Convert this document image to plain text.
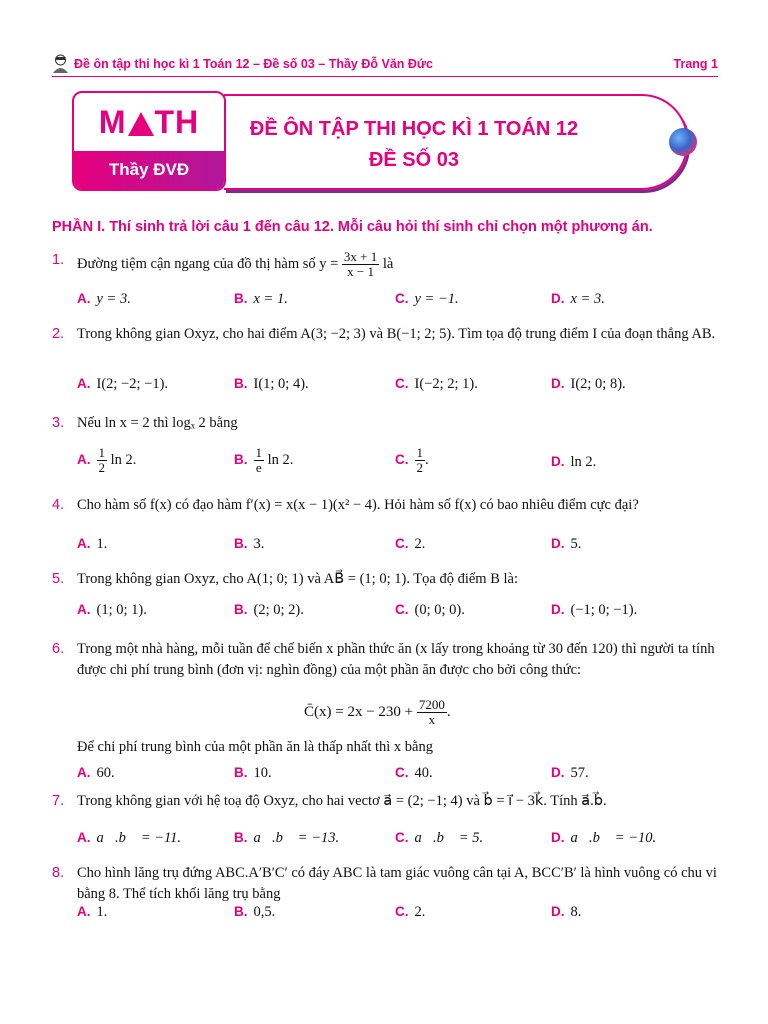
Đề ôn tập thi học kì 1 Toán 12 – Đề số 03 – Thầy Đỗ Văn Đức	Trang 1
M TH
Thầy ĐVĐ
ĐỀ ÔN TẬP THI HỌC KÌ 1 TOÁN 12
ĐỀ SỐ 03
PHẦN I. Thí sinh trả lời câu 1 đến câu 12. Mỗi câu hỏi thí sinh chỉ chọn một phương án.
1. Đường tiệm cận ngang của đồ thị hàm số $y = \frac{3x + 1}{x - 1}$ là
A. y = 3.	B. x = 1.	C. y = −1.	D. x = 3.
2. Trong không gian Oxyz, cho hai điểm A(3; −2; 3) và B(−1; 2; 5). Tìm tọa độ trung điểm I của đoạn thẳng AB.
A. I(2; −2; −1).	B. I(1; 0; 4).	C. I(−2; 2; 1).	D. I(2; 0; 8).
3. Nếu ln x = 2 thì logₓ 2 bằng
A. $\frac{1}{2}$ ln 2.	B. $\frac{1}{e}$ ln 2.	C. $\frac{1}{2}$ .	D. ln 2.
4. Cho hàm số f(x) có đạo hàm f′(x) = x(x − 1)(x² − 4). Hỏi hàm số f(x) có bao nhiêu điểm cực đại?
A. 1.	B. 3.	C. 2.	D. 5.
5. Trong không gian Oxyz, cho A(1; 0; 1) và AB⃗ = (1; 0; 1). Tọa độ điểm B là:
A. (1; 0; 1).	B. (2; 0; 2).	C. (0; 0; 0).	D. (−1; 0; −1).
6. Trong một nhà hàng, mỗi tuần để chế biến x phần thức ăn (x lấy trong khoảng từ 30 đến 120) thì người ta tính được chi phí trung bình (đơn vị: nghìn đồng) của một phần ăn được cho bởi công thức:
C̄(x) = $2x - 230 + \frac{7200}{x}$ .
Để chi phí trung bình của một phần ăn là thấp nhất thì x bằng
A. 60.	B. 10.	C. 40.	D. 57.
7. Trong không gian với hệ toạ độ Oxyz, cho hai vectơ a⃗ = (2; −1; 4) và b⃗ = i⃗ − 3k⃗. Tính a⃗.b⃗.
A. a⃗.b⃗ = −11.	B. a⃗.b⃗ = −13.	C. a⃗.b⃗ = 5.	D. a⃗.b⃗ = −10.
8. Cho hình lăng trụ đứng ABC.A′B′C′ có đáy ABC là tam giác vuông cân tại A, BCC′B′ là hình vuông có chu vi bằng 8. Thể tích khối lăng trụ bằng
A. 1.	B. 0,5.	C. 2.	D. 8.
